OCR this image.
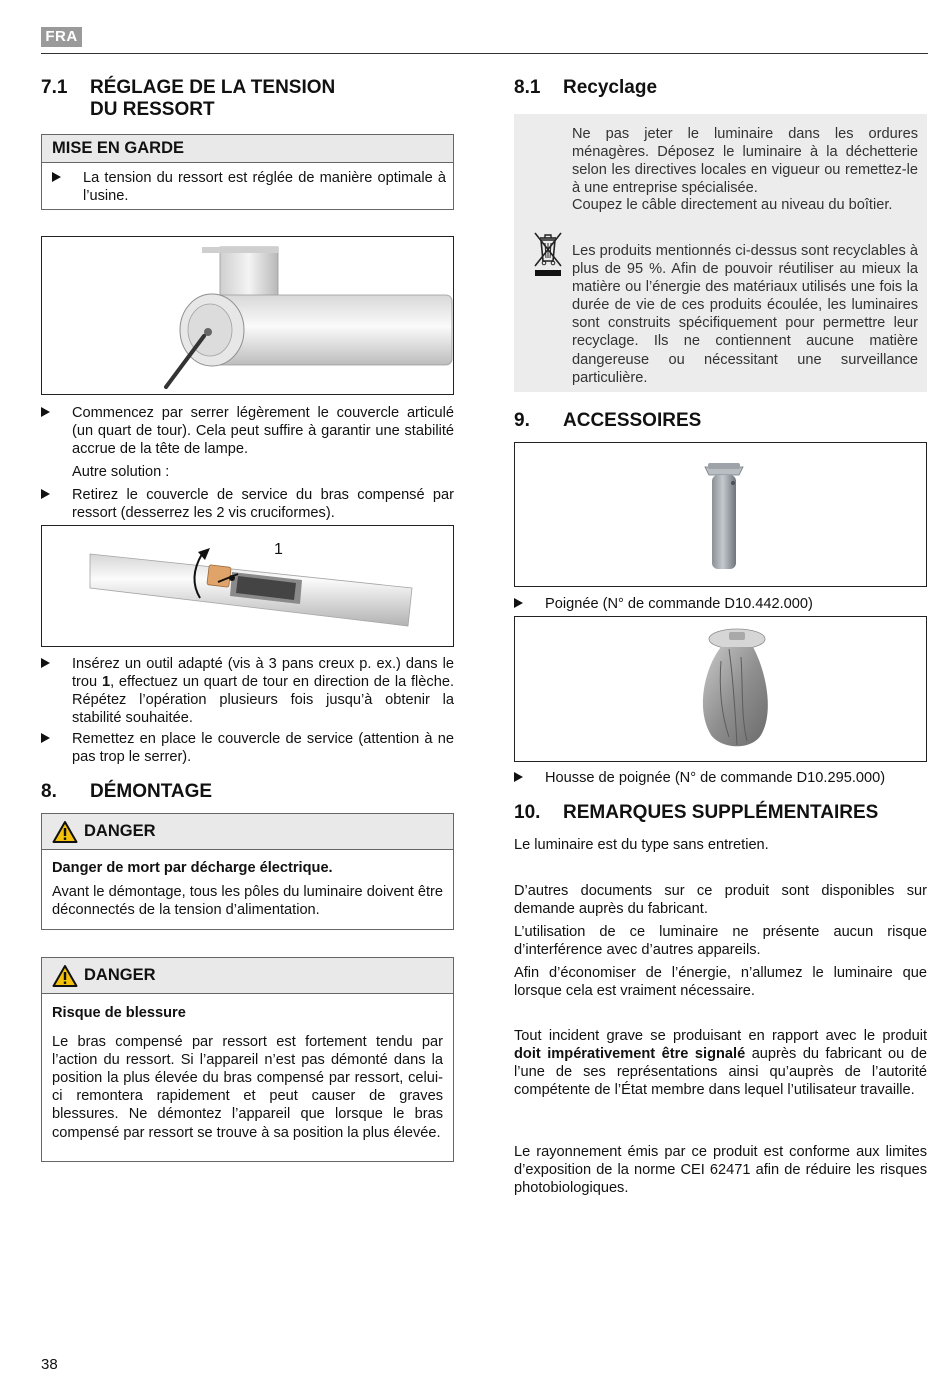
FRA
7.1 RÉGLAGE DE LA TENSION
DU RESSORT
MISE EN GARDE
La tension du ressort est réglée de manière optimale à l’usine.
Commencez par serrer légèrement le couvercle articulé (un quart de tour). Cela peut suffire à garantir une stabilité accrue de la tête de lampe.
Autre solution :
Retirez le couvercle de service du bras compensé par ressort (desserrez les 2 vis cruciformes).
1
Insérez un outil adapté (vis à 3 pans creux p. ex.) dans le trou 1, effectuez un quart de tour en direction de la flèche. Répétez l’opération plusieurs fois jusqu’à obtenir la stabilité souhaitée.
Remettez en place le couvercle de service (attention à ne pas trop le serrer).
8. DÉMONTAGE
DANGER

Danger de mort par décharge électrique.

Avant le démontage, tous les pôles du luminaire doivent être déconnectés de la tension d’alimentation.

DANGER

Risque de blessure

Le bras compensé par ressort est fortement tendu par l’action du ressort. Si l’appareil n’est pas démonté dans la position la plus élevée du bras compensé par ressort, celui-ci remontera rapidement et peut causer de graves blessures. Ne démontez l’appareil que lorsque le bras compensé par ressort se trouve à sa position la plus élevée.

8.1 Recyclage

Ne pas jeter le luminaire dans les ordures ménagères. Déposez le luminaire à la déchetterie selon les directives locales en vigueur ou remettez-le à une entreprise spécialisée.

Coupez le câble directement au niveau du boîtier.

Les produits mentionnés ci-dessus sont recyclables à plus de 95 %. Afin de pouvoir réutiliser au mieux la matière ou l’énergie des matériaux utilisés une fois la durée de vie de ces produits écoulée, les luminaires sont construits spécifiquement pour permettre leur recyclage. Ils ne contiennent aucune matière dangereuse ou nécessitant une surveillance particulière.

9. ACCESSOIRES
Poignée (N° de commande D10.442.000)
Housse de poignée (N° de commande D10.295.000)
10. REMARQUES SUPPLÉMENTAIRES
Le luminaire est du type sans entretien.
D’autres documents sur ce produit sont disponibles sur demande auprès du fabricant.
L’utilisation de ce luminaire ne présente aucun risque d’interférence avec d’autres appareils.
Afin d’économiser de l’énergie, n’allumez le luminaire que lorsque cela est vraiment nécessaire.
Tout incident grave se produisant en rapport avec le produit doit impérativement être signalé auprès du fabricant ou de l’une de ses représentations ainsi qu’auprès de l’autorité compétente de l’État membre dans lequel l’utilisateur travaille.
Le rayonnement émis par ce produit est conforme aux limites d’exposition de la norme CEI 62471 afin de réduire les risques photobiologiques.
38
